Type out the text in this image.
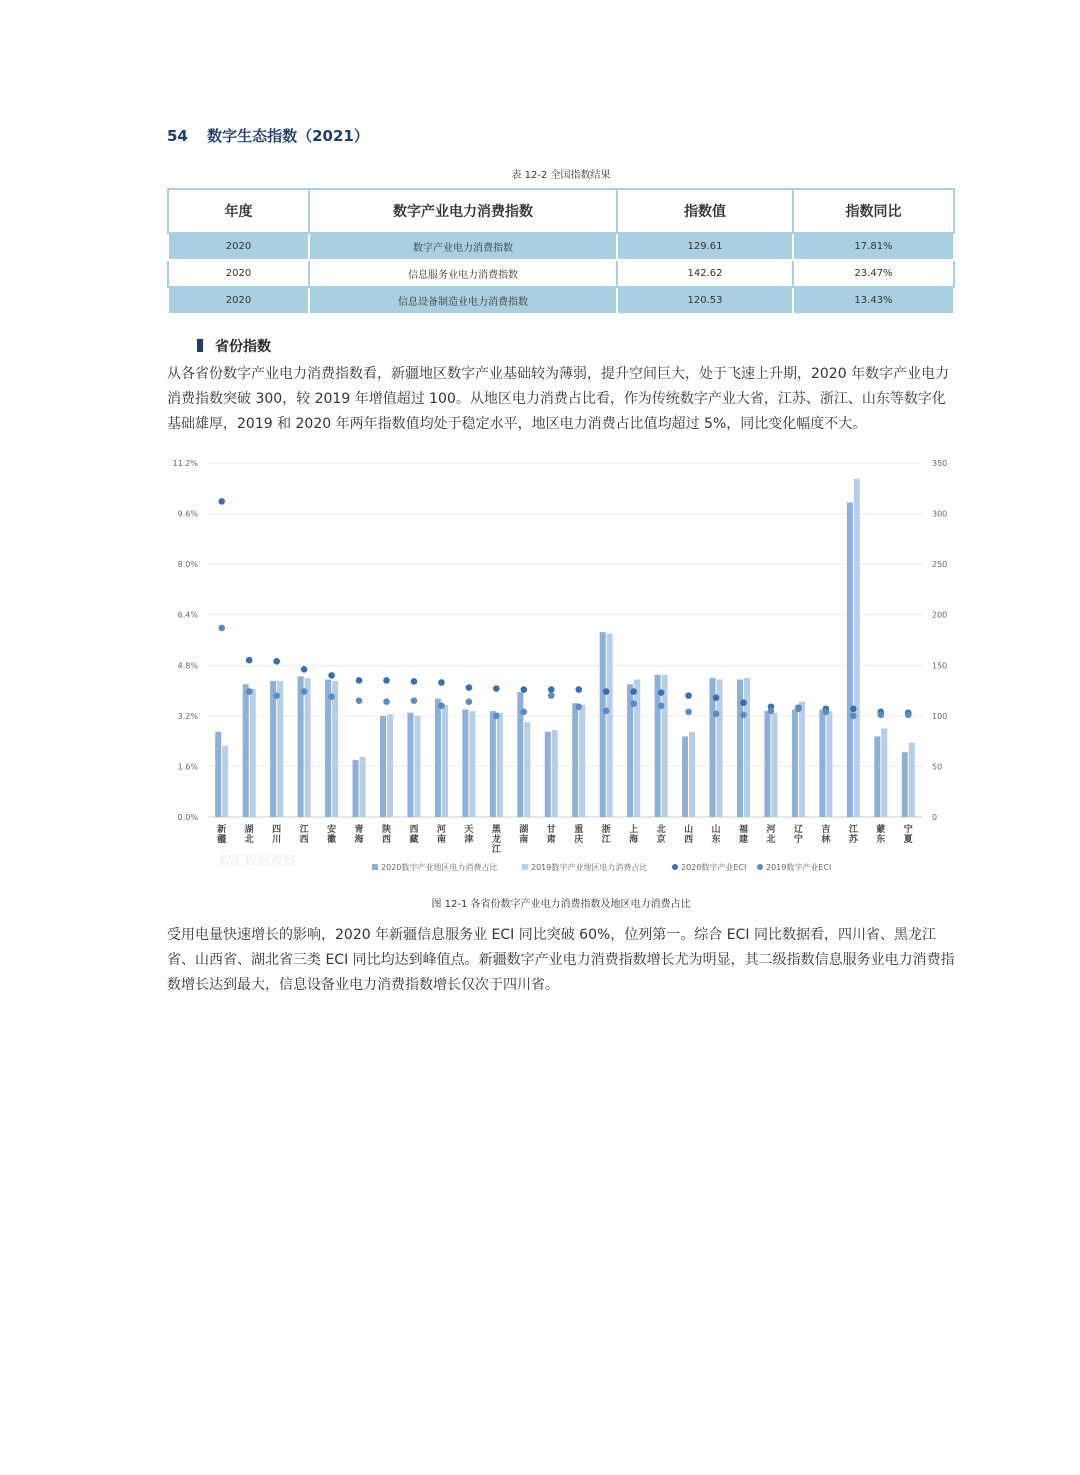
54 数字生态指数（2021）
表 12-2 全国指数结果
年度	数字产业电力消费指数	指数值	指数同比
2020	数字产业电力消费指数	129.61	17.81%
2020	信息服务业电力消费指数	142.62	23.47%
2020	信息设备制造业电力消费指数	120.53	13.43%
省份指数
从各省份数字产业电力消费指数看，新疆地区数字产业基础较为薄弱，提升空间巨大，处于飞速上升期，2020 年数字产业电力消费指数突破 300，较 2019 年增值超过 100。从地区电力消费占比看，作为传统数字产业大省，江苏、浙江、山东等数字化基础雄厚，2019 和 2020 年两年指数值均处于稳定水平，地区电力消费占比值均超过 5%，同比变化幅度不大。
0.0%
1.6%
3.2%
4.8%
6.4%
8.0%
9.6%
11.2%
0
50
100
150
200
250
300
350
新
疆
湖
北
四
川
江
西
安
徽
青
海
陕
西
西
藏
河
南
天
津
黑
龙
江
湖
南
甘
肃
重
庆
浙
江
上
海
北
京
山
西
山
东
福
建
河
北
辽
宁
吉
林
江
苏
蒙
东
宁
夏
2020数字产业地区电力消费占比	2019数字产业地区电力消费占比	2020数字产业ECI 2019数字产业ECI
智汇数据观察
图 12-1 各省份数字产业电力消费指数及地区电力消费占比
受用电量快速增长的影响，2020 年新疆信息服务业 ECI 同比突破 60%，位列第一。综合 ECI 同比数据看，四川省、黑龙江省、山西省、湖北省三类 ECI 同比均达到峰值点。新疆数字产业电力消费指数增长尤为明显，其二级指数信息服务业电力消费指数增长达到最大，信息设备业电力消费指数增长仅次于四川省。
